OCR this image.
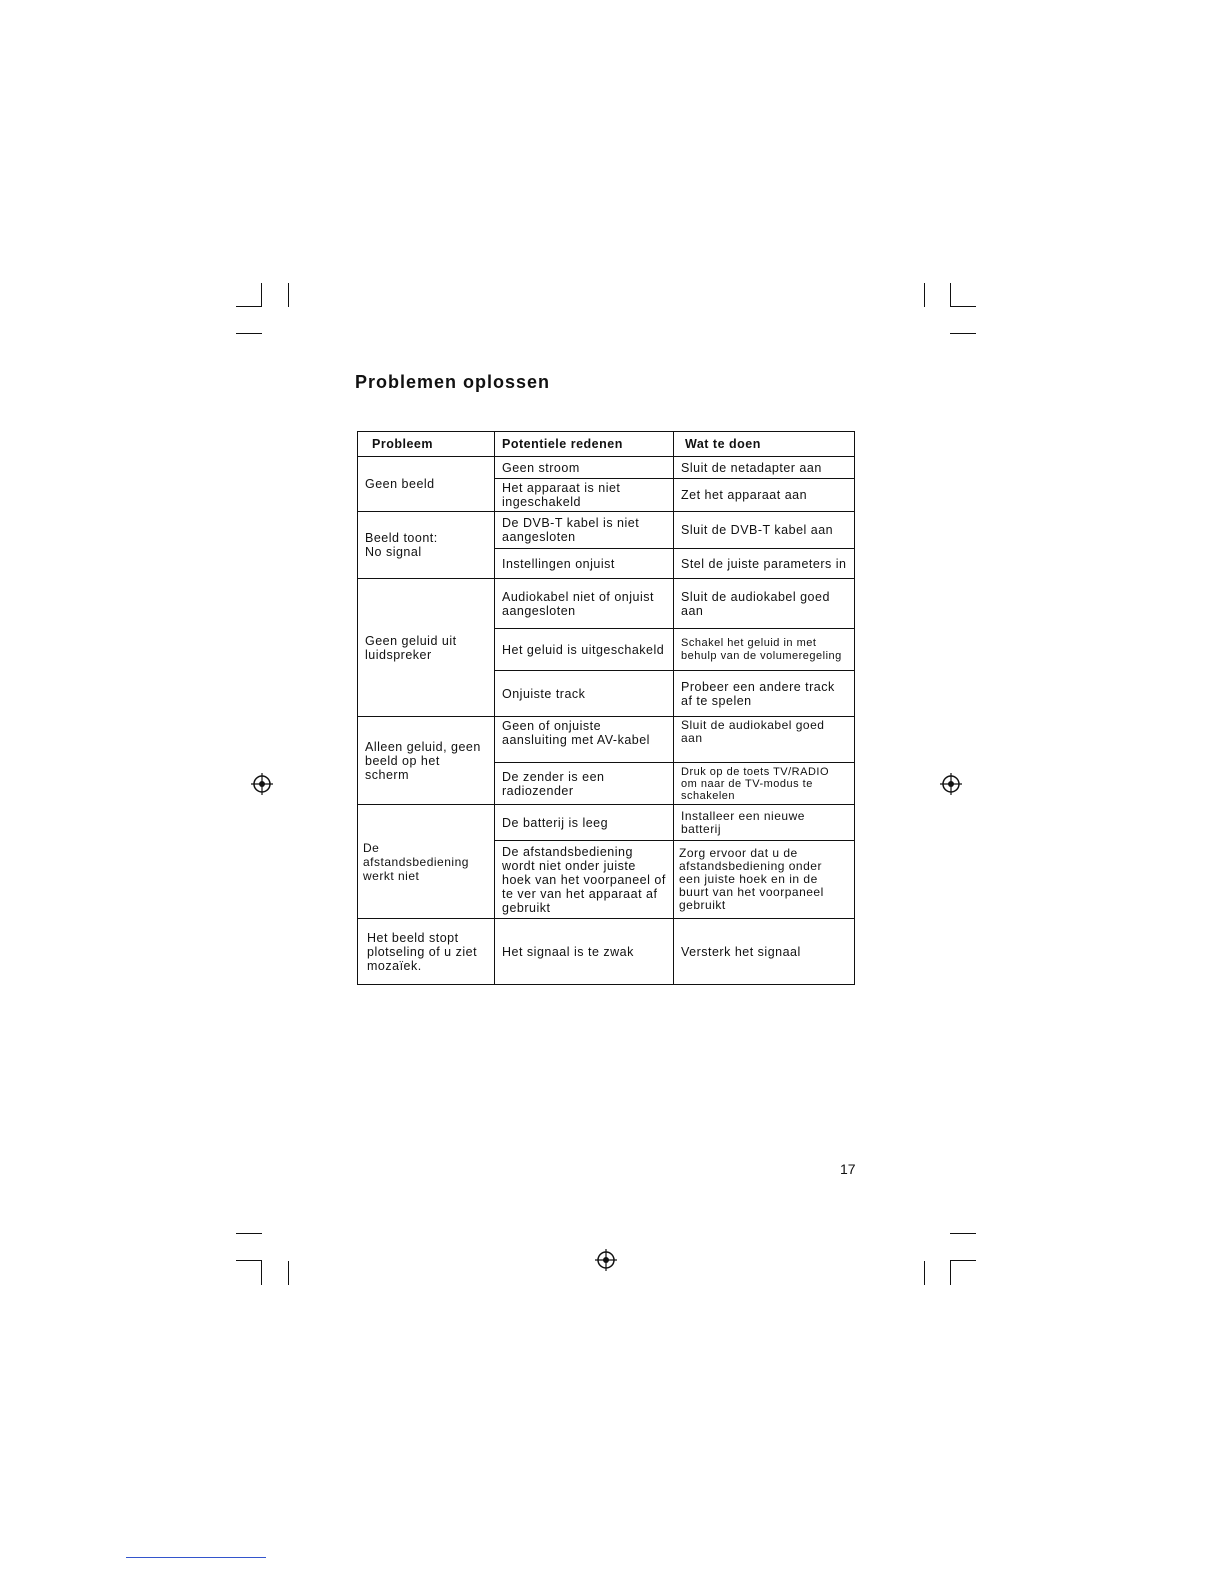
Problemen oplossen
Probleem	Potentiele redenen	Wat te doen
Geen beeld	Geen stroom	Sluit de netadapter aan
	Het apparaat is niet ingeschakeld	Zet het apparaat aan
Beeld toont: No signal	De DVB-T kabel is niet aangesloten	Sluit de DVB-T kabel aan
	Instellingen onjuist	Stel de juiste parameters in
Geen geluid uit luidspreker	Audiokabel niet of onjuist aangesloten	Sluit de audiokabel goed aan
	Het geluid is uitgeschakeld	Schakel het geluid in met behulp van de volumeregeling
	Onjuiste track	Probeer een andere track af te spelen
Alleen geluid, geen beeld op het scherm	Geen of onjuiste aansluiting met AV-kabel	Sluit de audiokabel goed aan
	De zender is een radiozender	Druk op de toets TV/RADIO om naar de TV-modus te schakelen
De afstandsbediening werkt niet	De batterij is leeg	Installeer een nieuwe batterij
	De afstandsbediening wordt niet onder juiste hoek van het voorpaneel of te ver van het apparaat af gebruikt	Zorg ervoor dat u de afstandsbediening onder een juiste hoek en in de buurt van het voorpaneel gebruikt
Het beeld stopt plotseling of u ziet mozaïek.	Het signaal is te zwak	Versterk het signaal
17
